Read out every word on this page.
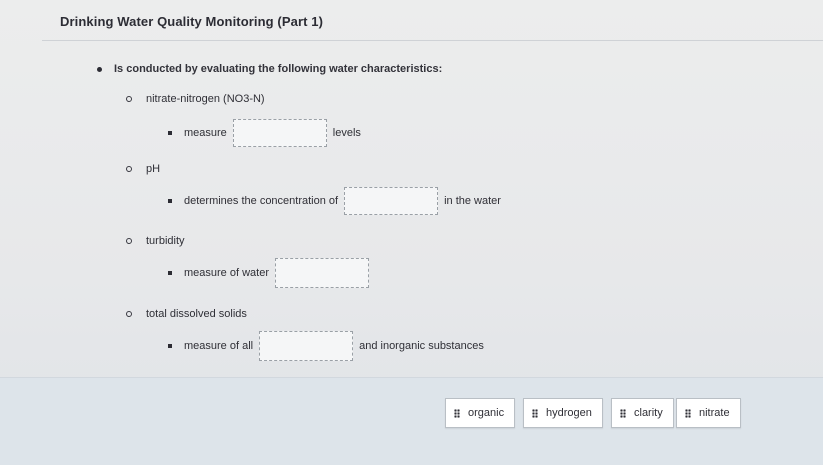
Drinking Water Quality Monitoring (Part 1)
Is conducted by evaluating the following water characteristics:
nitrate-nitrogen (NO3-N)
measure	levels
pH
determines the concentration of	in the water
turbidity
measure of water
total dissolved solids
measure of all	and inorganic substances
organic	hydrogen	clarity	nitrate
